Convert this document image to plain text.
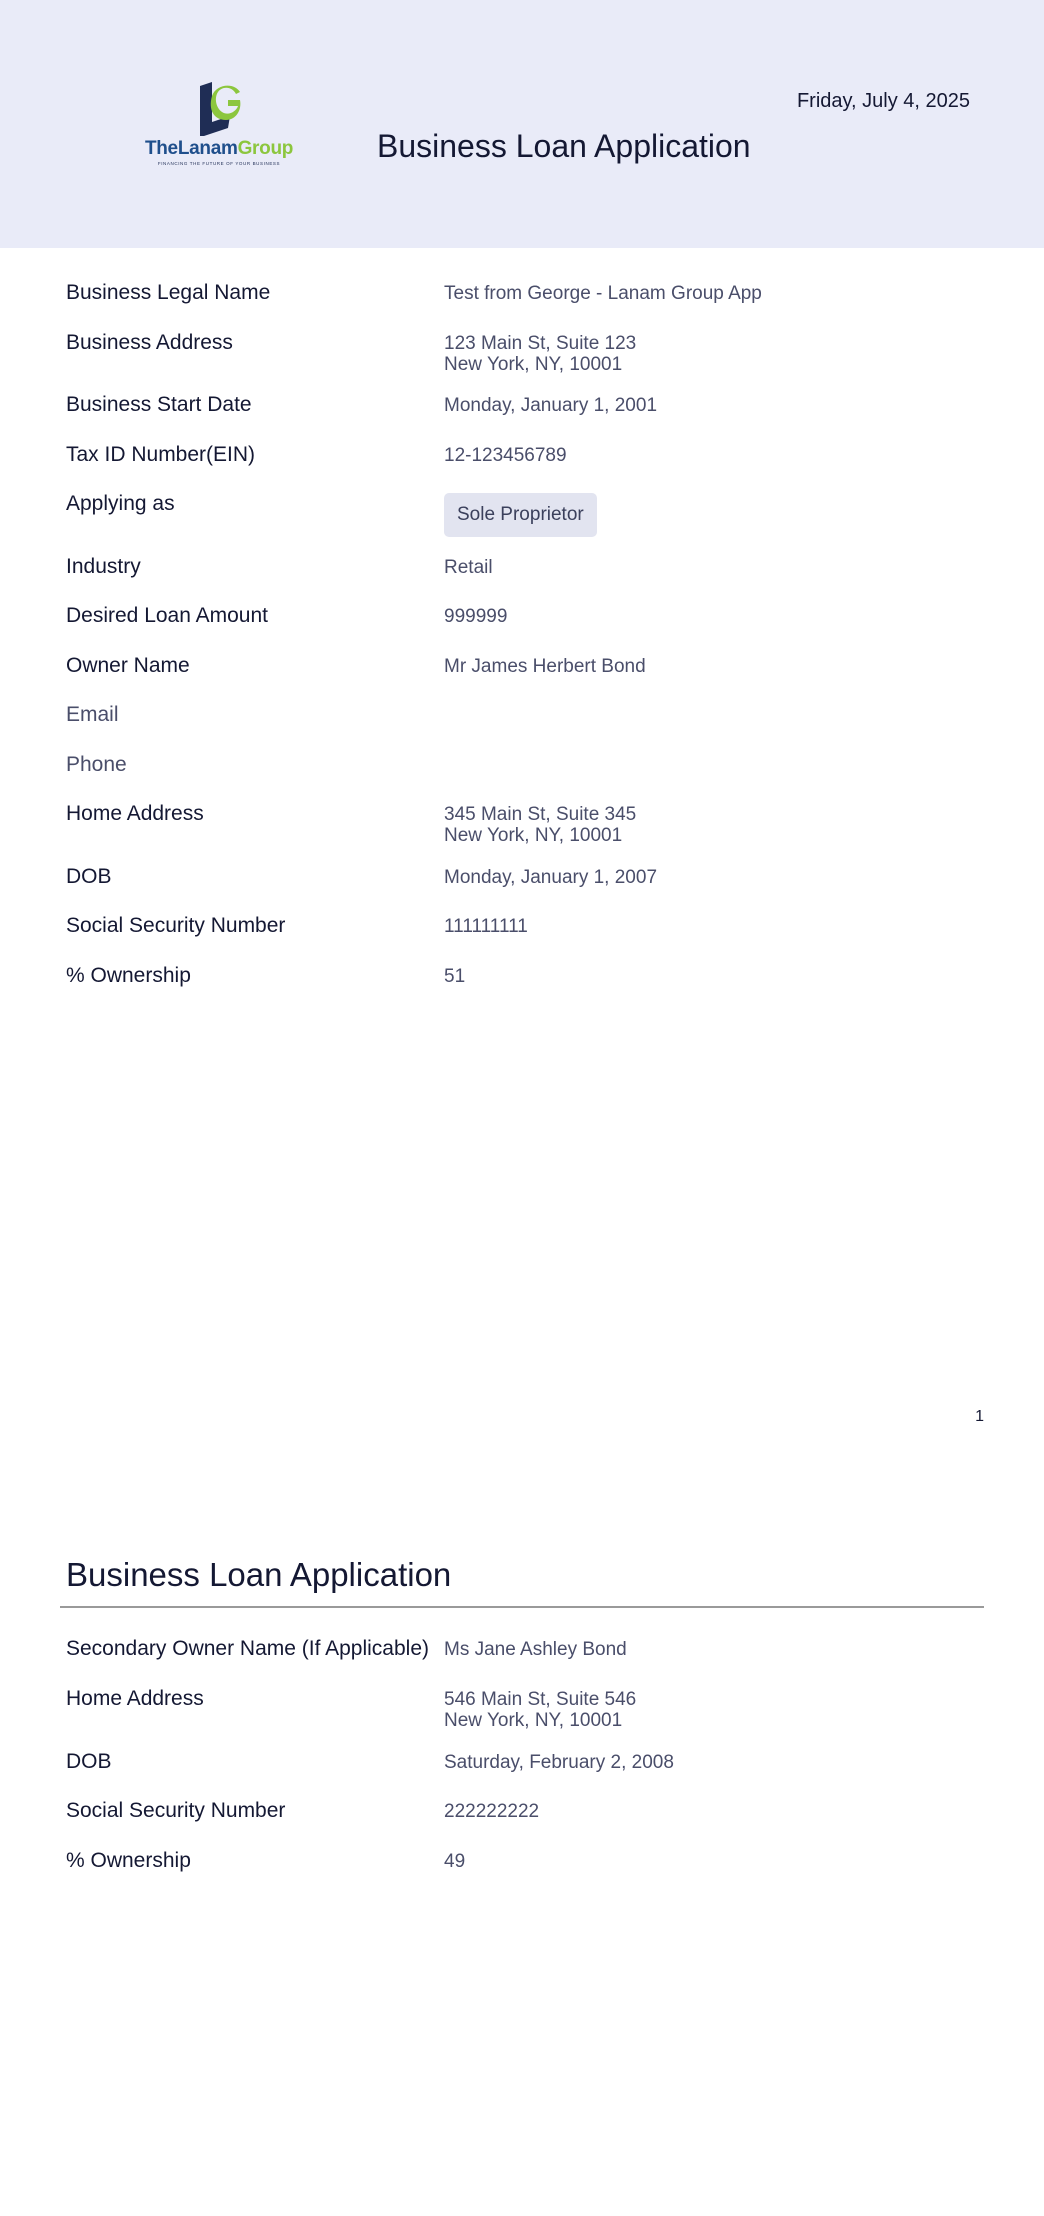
TheLanamGroup
FINANCING THE FUTURE OF YOUR BUSINESS	Business Loan Application
Friday, July 4, 2025
Business Legal Name	Test from George - Lanam Group App
Business Address	123 Main St, Suite 123
New York, NY, 10001
Business Start Date	Monday, January 1, 2001
Tax ID Number(EIN)	12-123456789
Applying as	Sole Proprietor
Industry	Retail
Desired Loan Amount	999999
Owner Name	Mr James Herbert Bond
Email
Phone
Home Address	345 Main St, Suite 345
New York, NY, 10001
DOB	Monday, January 1, 2007
Social Security Number	111111111
% Ownership	51
1
Business Loan Application
Secondary Owner Name (If Applicable) Ms Jane Ashley Bond
Home Address	546 Main St, Suite 546
New York, NY, 10001
DOB	Saturday, February 2, 2008
Social Security Number	222222222
% Ownership	49
